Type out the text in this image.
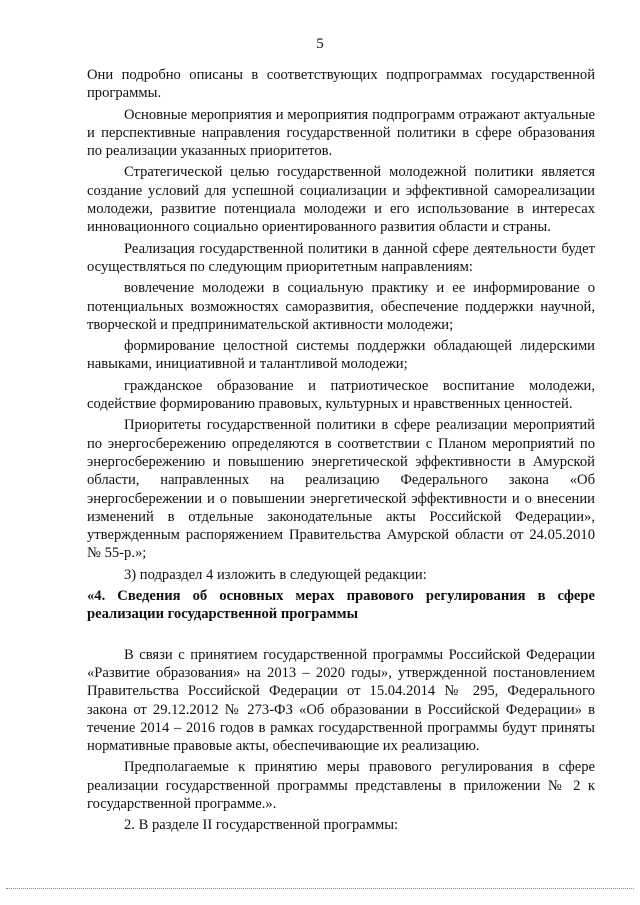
5

Они подробно описаны в соответствующих подпрограммах государственной программы.

Основные мероприятия и мероприятия подпрограмм отражают актуальные и перспективные направления государственной политики в сфере образования по реализации указанных приоритетов.

Стратегической целью государственной молодежной политики является создание условий для успешной социализации и эффективной самореализации молодежи, развитие потенциала молодежи и его использование в интересах инновационного социально ориентированного развития области и страны.

Реализация государственной политики в данной сфере деятельности будет осуществляться по следующим приоритетным направлениям:

вовлечение молодежи в социальную практику и ее информирование о потенциальных возможностях саморазвития, обеспечение поддержки научной, творческой и предпринимательской активности молодежи;

формирование целостной системы поддержки обладающей лидерскими навыками, инициативной и талантливой молодежи;

гражданское образование и патриотическое воспитание молодежи, содействие формированию правовых, культурных и нравственных ценностей.

Приоритеты государственной политики в сфере реализации мероприятий по энергосбережению определяются в соответствии с Планом мероприятий по энергосбережению и повышению энергетической эффективности в Амурской области, направленных на реализацию Федерального закона «Об энергосбережении и о повышении энергетической эффективности и о внесении изменений в отдельные законодательные акты Российской Федерации», утвержденным распоряжением Правительства Амурской области от 24.05.2010 № 55-р.»;

3) подраздел 4 изложить в следующей редакции:

«4. Сведения об основных мерах правового регулирования в сфере реализации государственной программы

В связи с принятием государственной программы Российской Федерации «Развитие образования» на 2013 – 2020 годы», утвержденной постановлением Правительства Российской Федерации от 15.04.2014 № 295, Федерального закона от 29.12.2012 № 273-ФЗ «Об образовании в Российской Федерации» в течение 2014 – 2016 годов в рамках государственной программы будут приняты нормативные правовые акты, обеспечивающие их реализацию.

Предполагаемые к принятию меры правового регулирования в сфере реализации государственной программы представлены в приложении № 2 к государственной программе.».

2. В разделе II государственной программы:
